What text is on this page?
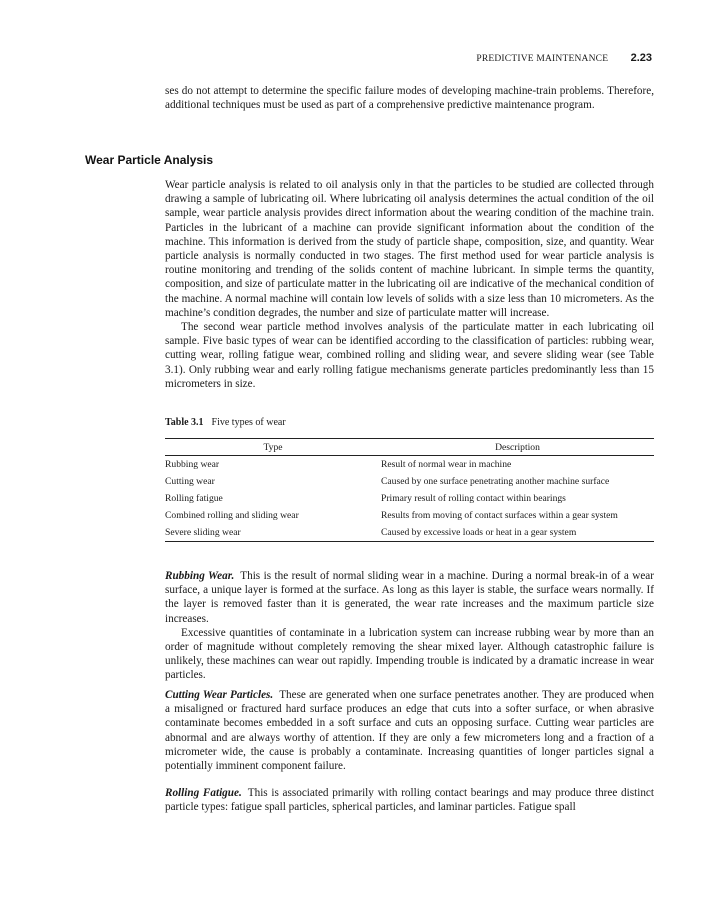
PREDICTIVE MAINTENANCE 2.23

ses do not attempt to determine the specific failure modes of developing machine-train problems. Therefore, additional techniques must be used as part of a comprehensive predictive maintenance program.

Wear Particle Analysis

Wear particle analysis is related to oil analysis only in that the particles to be studied are collected through drawing a sample of lubricating oil. Where lubricating oil analysis determines the actual condition of the oil sample, wear particle analysis provides direct information about the wearing condition of the machine train. Particles in the lubricant of a machine can provide significant information about the condition of the machine. This information is derived from the study of particle shape, composition, size, and quantity. Wear particle analysis is normally conducted in two stages. The first method used for wear particle analysis is routine monitoring and trending of the solids content of machine lubricant. In simple terms the quantity, composition, and size of particulate matter in the lubricating oil are indicative of the mechanical condition of the machine. A normal machine will contain low levels of solids with a size less than 10 micrometers. As the machine’s condition degrades, the number and size of particulate matter will increase.

The second wear particle method involves analysis of the particulate matter in each lubricating oil sample. Five basic types of wear can be identified according to the classification of particles: rubbing wear, cutting wear, rolling fatigue wear, combined rolling and sliding wear, and severe sliding wear (see Table 3.1). Only rubbing wear and early rolling fatigue mechanisms generate particles predominantly less than 15 micrometers in size.

Table 3.1 Five types of wear
Type	Description
Rubbing wear	Result of normal wear in machine
Cutting wear	Caused by one surface penetrating another machine surface
Rolling fatigue	Primary result of rolling contact within bearings
Combined rolling and sliding wear	Results from moving of contact surfaces within a gear system
Severe sliding wear	Caused by excessive loads or heat in a gear system

Rubbing Wear. This is the result of normal sliding wear in a machine. During a normal break-in of a wear surface, a unique layer is formed at the surface. As long as this layer is stable, the surface wears normally. If the layer is removed faster than it is generated, the wear rate increases and the maximum particle size increases.

Excessive quantities of contaminate in a lubrication system can increase rubbing wear by more than an order of magnitude without completely removing the shear mixed layer. Although catastrophic failure is unlikely, these machines can wear out rapidly. Impending trouble is indicated by a dramatic increase in wear particles.

Cutting Wear Particles. These are generated when one surface penetrates another. They are produced when a misaligned or fractured hard surface produces an edge that cuts into a softer surface, or when abrasive contaminate becomes embedded in a soft surface and cuts an opposing surface. Cutting wear particles are abnormal and are always worthy of attention. If they are only a few micrometers long and a fraction of a micrometer wide, the cause is probably a contaminate. Increasing quantities of longer particles signal a potentially imminent component failure.

Rolling Fatigue. This is associated primarily with rolling contact bearings and may produce three distinct particle types: fatigue spall particles, spherical particles, and laminar particles. Fatigue spall
